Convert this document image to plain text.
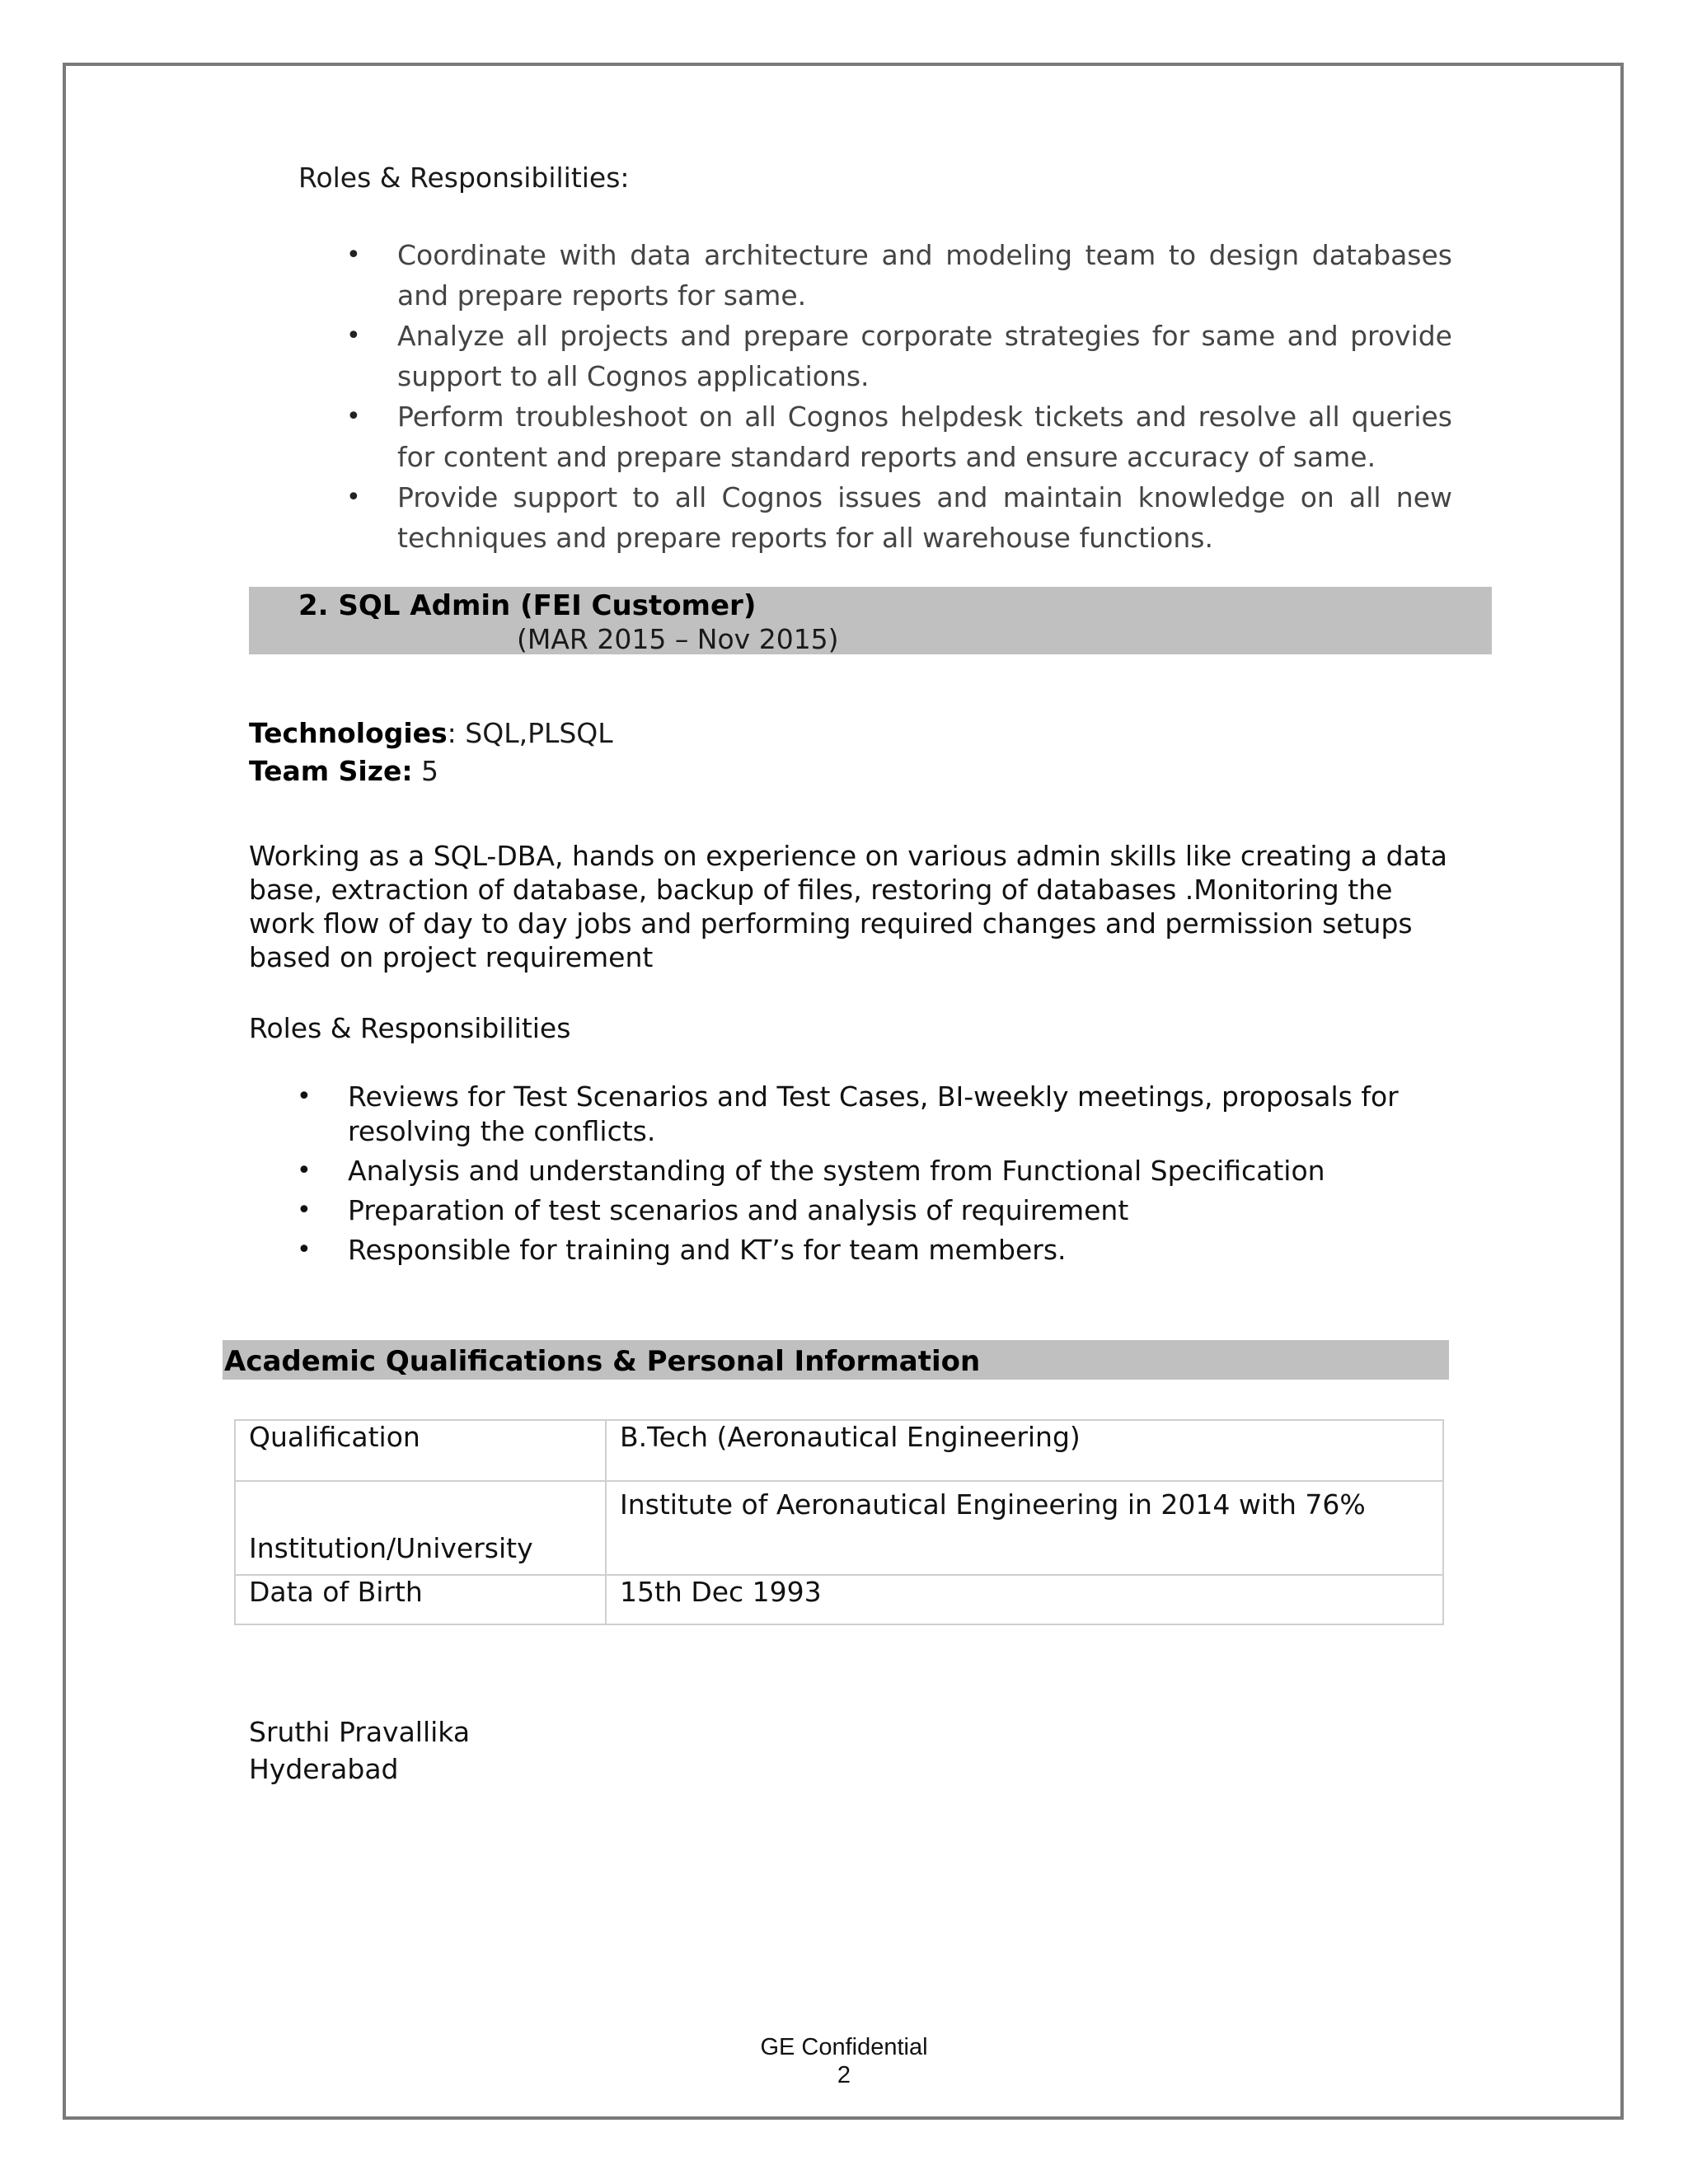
Roles & Responsibilities:
• Coordinate with data architecture and modeling team to design databases and prepare reports for same.
• Analyze all projects and prepare corporate strategies for same and provide support to all Cognos applications.
• Perform troubleshoot on all Cognos helpdesk tickets and resolve all queries for content and prepare standard reports and ensure accuracy of same.
• Provide support to all Cognos issues and maintain knowledge on all new techniques and prepare reports for all warehouse functions.
2. SQL Admin (FEI Customer)
(MAR 2015 – Nov 2015)
Technologies: SQL,PLSQL
Team Size: 5
Working as a SQL-DBA, hands on experience on various admin skills like creating a data base, extraction of database, backup of files, restoring of databases .Monitoring the work flow of day to day jobs and performing required changes and permission setups based on project requirement
Roles & Responsibilities
• Reviews for Test Scenarios and Test Cases, BI-weekly meetings, proposals for resolving the conflicts.
• Analysis and understanding of the system from Functional Specification
• Preparation of test scenarios and analysis of requirement
• Responsible for training and KT’s for team members.
Academic Qualifications & Personal Information
Qualification	B.Tech (Aeronautical Engineering)
Institution/University	Institute of Aeronautical Engineering in 2014 with 76%
Data of Birth	15th Dec 1993
Sruthi Pravallika
Hyderabad
GE Confidential
2
